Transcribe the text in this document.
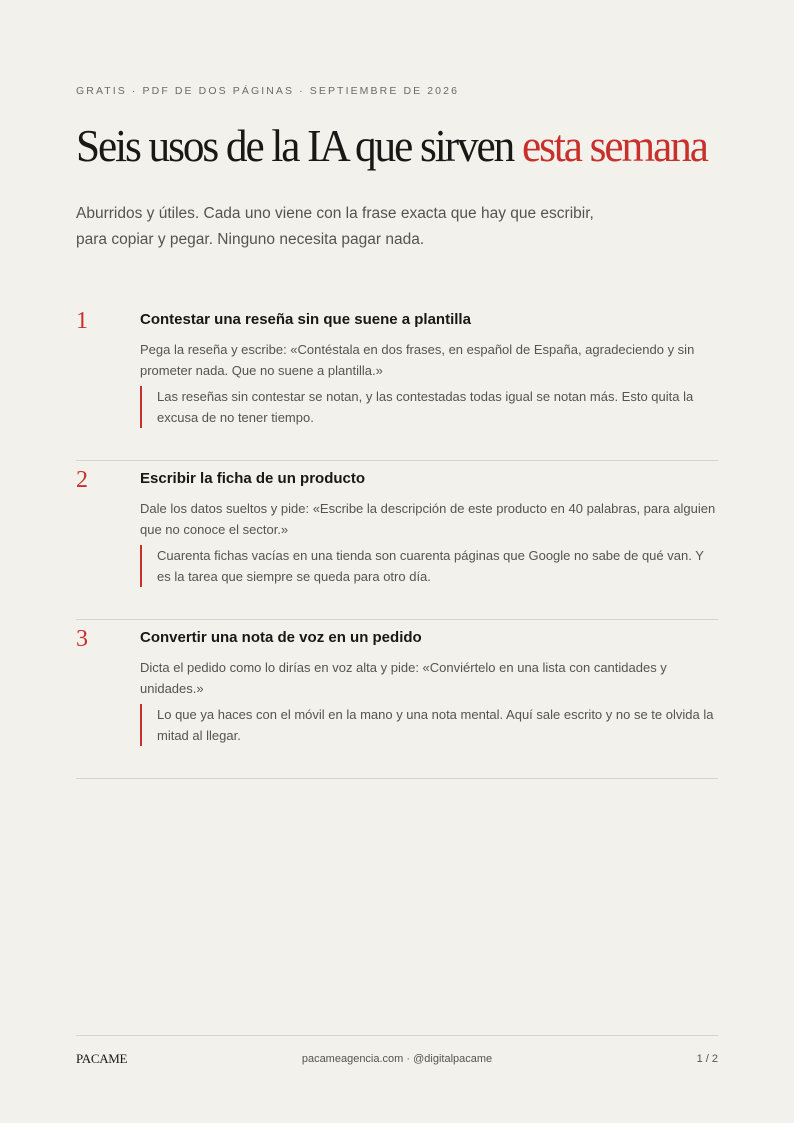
GRATIS · PDF DE DOS PÁGINAS · SEPTIEMBRE DE 2026
Seis usos de la IA que sirven esta semana

Aburridos y útiles. Cada uno viene con la frase exacta que hay que escribir, para copiar y pegar. Ninguno necesita pagar nada.

1	Contestar una reseña sin que suene a plantilla

Pega la reseña y escribe: «Contéstala en dos frases, en español de España, agradeciendo y sin prometer nada. Que no suene a plantilla.»

Las reseñas sin contestar se notan, y las contestadas todas igual se notan más. Esto quita la excusa de no tener tiempo.

2	Escribir la ficha de un producto

Dale los datos sueltos y pide: «Escribe la descripción de este producto en 40 palabras, para alguien que no conoce el sector.»

Cuarenta fichas vacías en una tienda son cuarenta páginas que Google no sabe de qué van. Y es la tarea que siempre se queda para otro día.

3	Convertir una nota de voz en un pedido

Dicta el pedido como lo dirías en voz alta y pide: «Conviértelo en una lista con cantidades y unidades.»

Lo que ya haces con el móvil en la mano y una nota mental. Aquí sale escrito y no se te olvida la mitad al llegar.

PACAME	pacameagencia.com · @digitalpacame	1 / 2
